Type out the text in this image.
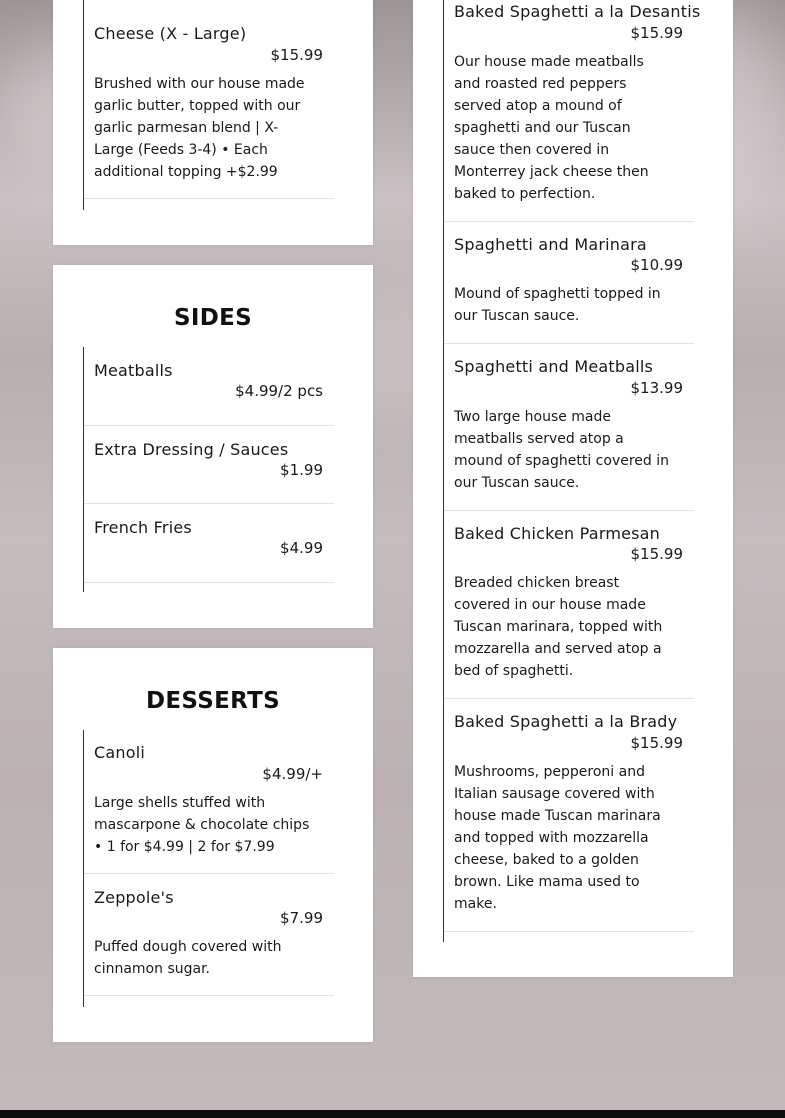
Cheese (X - Large)
$15.99
Brushed with our house made garlic butter, topped with our garlic parmesan blend | X-Large (Feeds 3-4) • Each additional topping +$2.99
SIDES
Meatballs
$4.99/2 pcs
Extra Dressing / Sauces
$1.99
French Fries
$4.99
DESSERTS
Canoli
$4.99/+
Large shells stuffed with mascarpone & chocolate chips • 1 for $4.99 | 2 for $7.99
Zeppole's
$7.99
Puffed dough covered with cinnamon sugar.
Baked Spaghetti a la Desantis
$15.99
Our house made meatballs and roasted red peppers served atop a mound of spaghetti and our Tuscan sauce then covered in Monterrey jack cheese then baked to perfection.
Spaghetti and Marinara
$10.99
Mound of spaghetti topped in our Tuscan sauce.
Spaghetti and Meatballs
$13.99
Two large house made meatballs served atop a mound of spaghetti covered in our Tuscan sauce.
Baked Chicken Parmesan
$15.99
Breaded chicken breast covered in our house made Tuscan marinara, topped with mozzarella and served atop a bed of spaghetti.
Baked Spaghetti a la Brady
$15.99
Mushrooms, pepperoni and Italian sausage covered with house made Tuscan marinara and topped with mozzarella cheese, baked to a golden brown. Like mama used to make.
